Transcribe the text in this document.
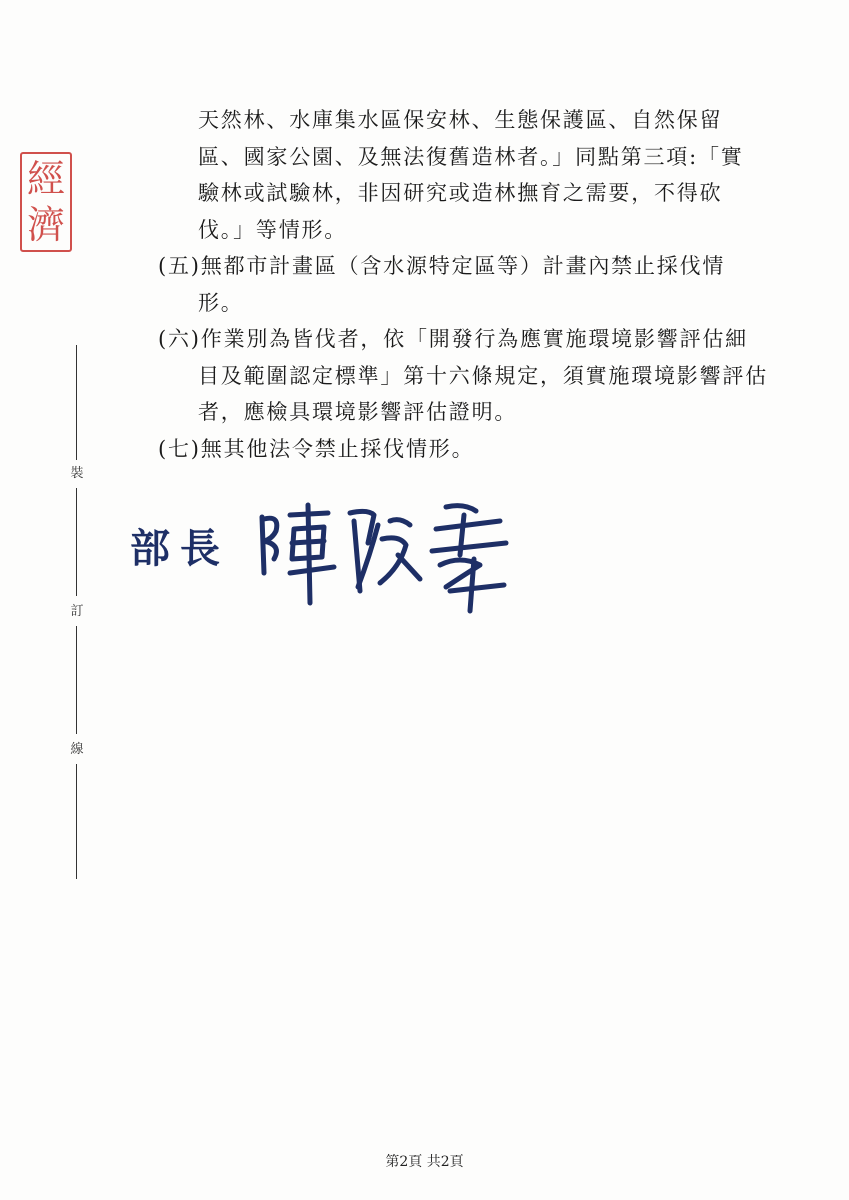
經
濟
裝
訂
線

天然林、水庫集水區保安林、生態保護區、自然保留

區、國家公園、及無法復舊造林者。」同點第三項:「實

驗林或試驗林，非因研究或造林撫育之需要，不得砍

伐。」等情形。

(五)無都市計畫區（含水源特定區等）計畫內禁止採伐情形。

(六)作業別為皆伐者，依「開發行為應實施環境影響評估細目及範圍認定標準」第十六條規定，須實施環境影響評估者，應檢具環境影響評估證明。

(七)無其他法令禁止採伐情形。

部長
第2頁 共2頁
